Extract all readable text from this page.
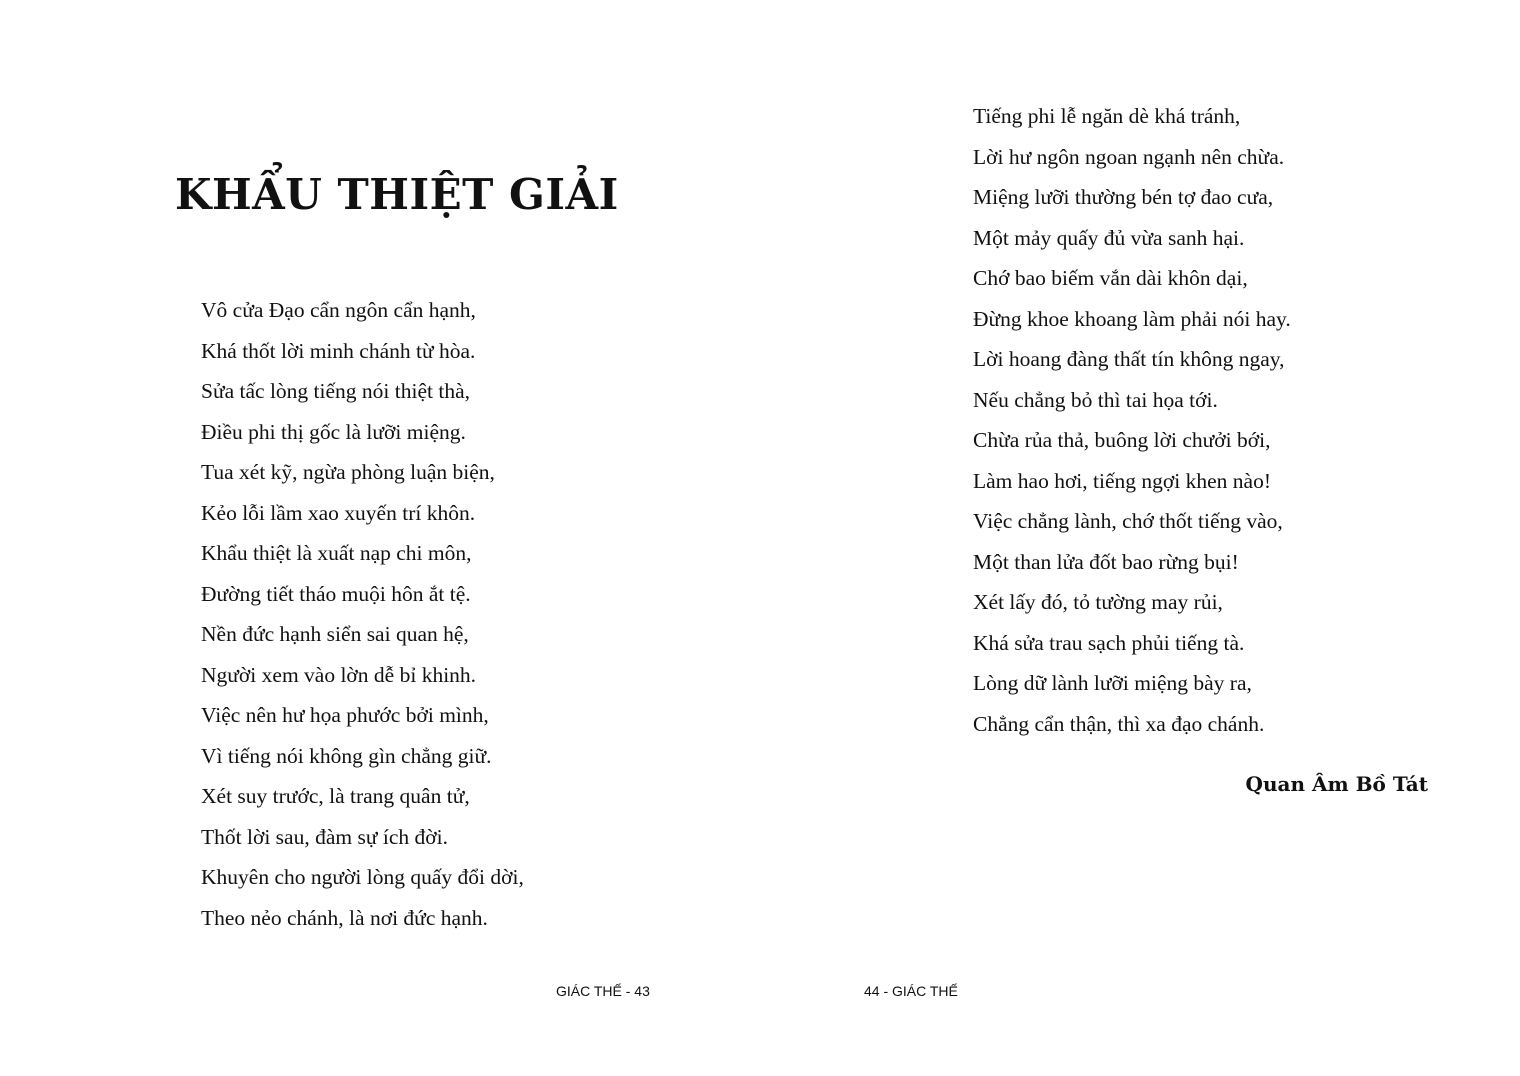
KHẨU THIỆT GIẢI
Vô cửa Đạo cẩn ngôn cẩn hạnh,
Khá thốt lời minh chánh từ hòa.
Sửa tấc lòng tiếng nói thiệt thà,
Điều phi thị gốc là lưỡi miệng.
Tua xét kỹ, ngừa phòng luận biện,
Kẻo lỗi lầm xao xuyến trí khôn.
Khẩu thiệt là xuất nạp chi môn,
Đường tiết tháo muội hôn ắt tệ.
Nền đức hạnh siển sai quan hệ,
Người xem vào lờn dễ bỉ khinh.
Việc nên hư họa phước bởi mình,
Vì tiếng nói không gìn chẳng giữ.
Xét suy trước, là trang quân tử,
Thốt lời sau, đàm sự ích đời.
Khuyên cho người lòng quấy đổi dời,
Theo nẻo chánh, là nơi đức hạnh.
GIÁC THẾ - 43
Tiếng phi lễ ngăn dè khá tránh,
Lời hư ngôn ngoan ngạnh nên chừa.
Miệng lưỡi thường bén tợ đao cưa,
Một mảy quấy đủ vừa sanh hại.
Chớ bao biếm vắn dài khôn dại,
Đừng khoe khoang làm phải nói hay.
Lời hoang đàng thất tín không ngay,
Nếu chẳng bỏ thì tai họa tới.
Chừa rủa thả, buông lời chưởi bới,
Làm hao hơi, tiếng ngợi khen nào!
Việc chẳng lành, chớ thốt tiếng vào,
Một than lửa đốt bao rừng bụi!
Xét lấy đó, tỏ tường may rủi,
Khá sửa trau sạch phủi tiếng tà.
Lòng dữ lành lưỡi miệng bày ra,
Chẳng cẩn thận, thì xa đạo chánh.

Quan Âm Bồ Tát

44 - GIÁC THẾ
